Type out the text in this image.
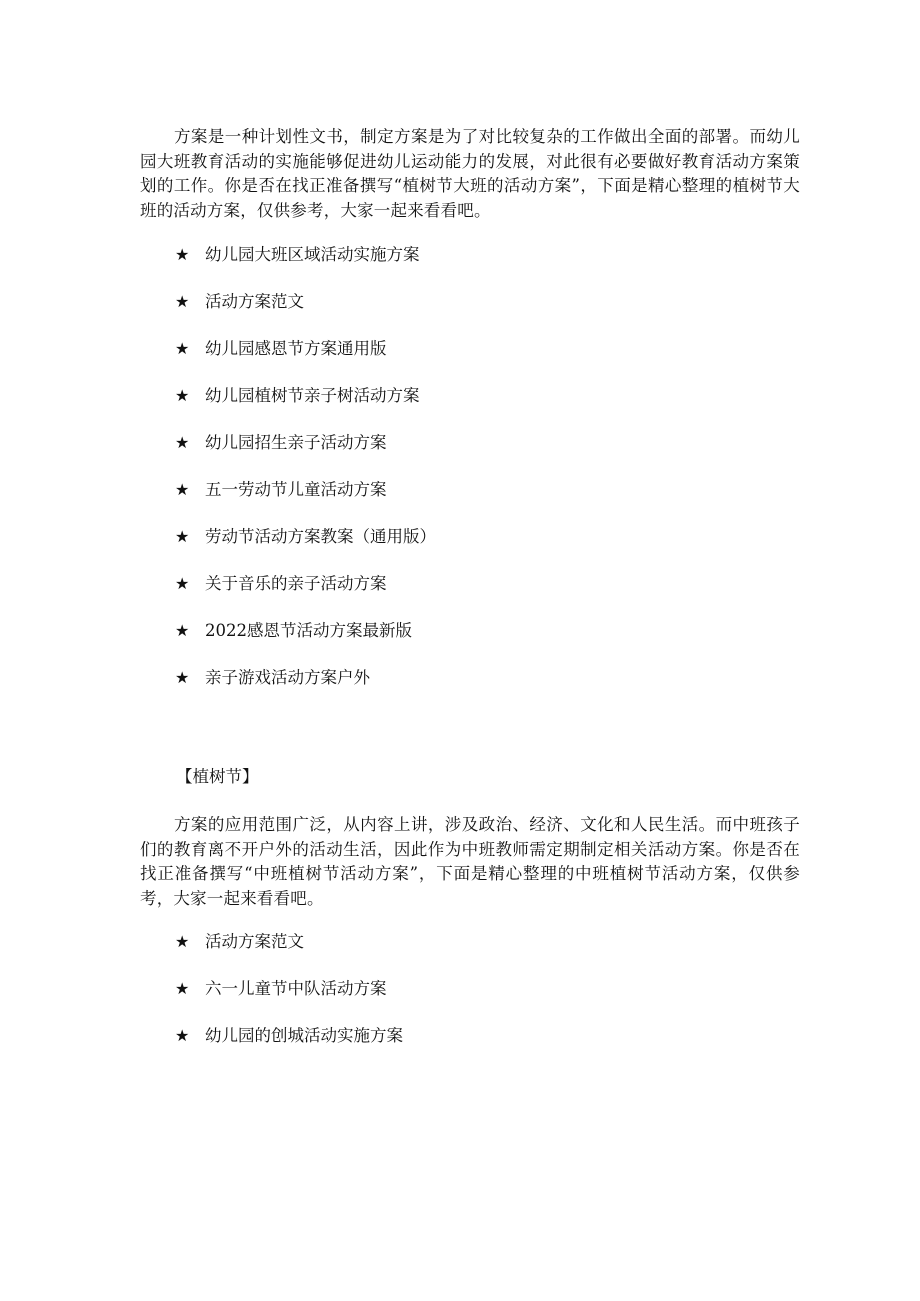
方案是一种计划性文书，制定方案是为了对比较复杂的工作做出全面的部署。而幼儿园大班教育活动的实施能够促进幼儿运动能力的发展，对此很有必要做好教育活动方案策划的工作。你是否在找正准备撰写“植树节大班的活动方案”，下面是精心整理的植树节大班的活动方案，仅供参考，大家一起来看看吧。

★ 幼儿园大班区域活动实施方案
★ 活动方案范文
★ 幼儿园感恩节方案通用版
★ 幼儿园植树节亲子树活动方案
★ 幼儿园招生亲子活动方案
★ 五一劳动节儿童活动方案
★ 劳动节活动方案教案（通用版）
★ 关于音乐的亲子活动方案
★ 2022感恩节活动方案最新版
★ 亲子游戏活动方案户外
【植树节】

方案的应用范围广泛，从内容上讲，涉及政治、经济、文化和人民生活。而中班孩子们的教育离不开户外的活动生活，因此作为中班教师需定期制定相关活动方案。你是否在找正准备撰写“中班植树节活动方案”，下面是精心整理的中班植树节活动方案，仅供参考，大家一起来看看吧。

★ 活动方案范文
★ 六一儿童节中队活动方案
★ 幼儿园的创城活动实施方案
